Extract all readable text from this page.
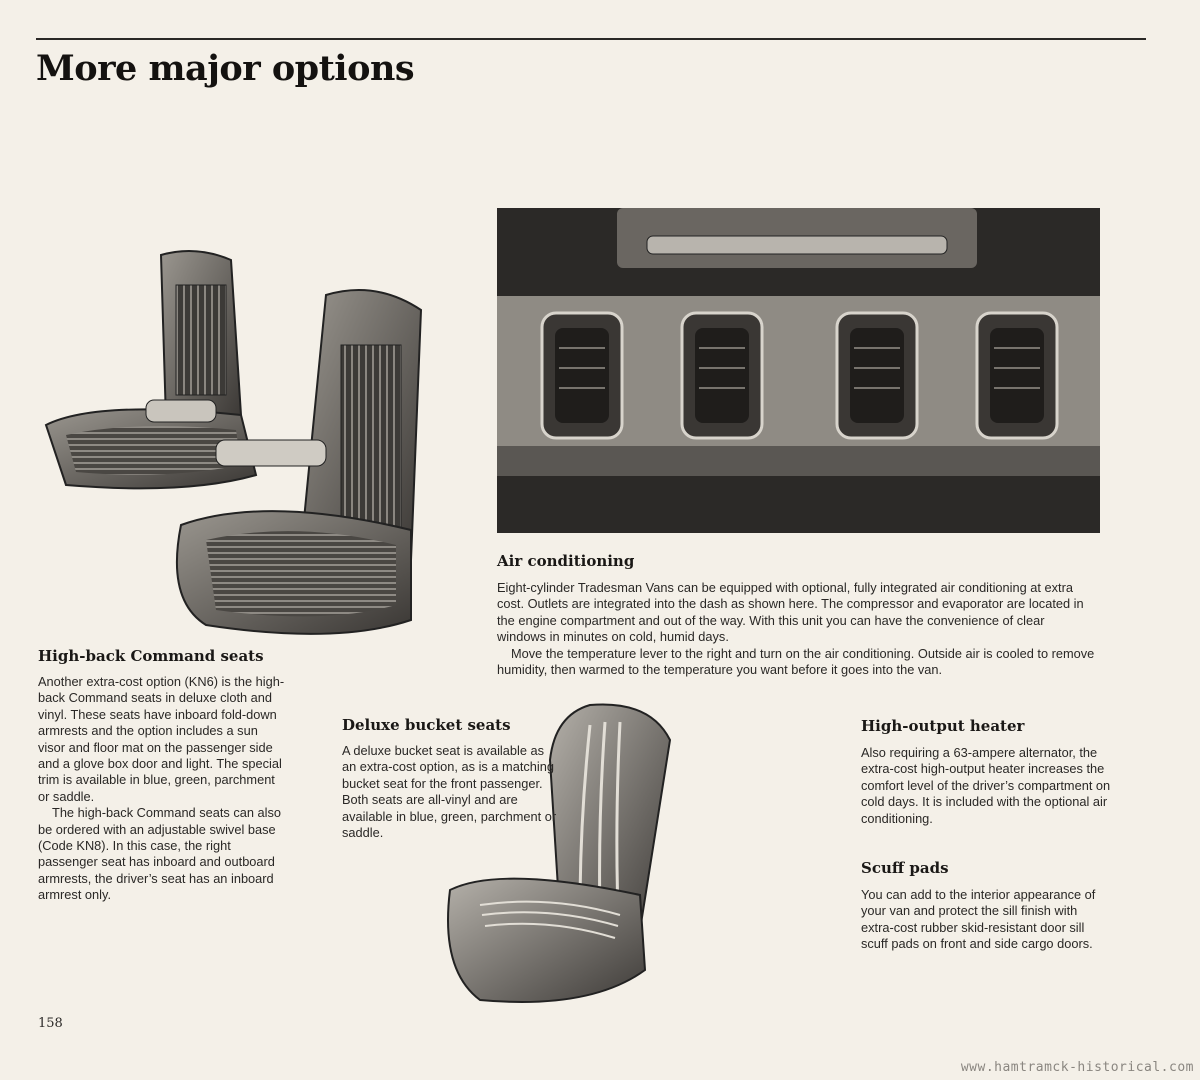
More major options
High-back Command seats

Another extra-cost option (KN6) is the high-back Command seats in deluxe cloth and vinyl. These seats have inboard fold-down armrests and the option includes a sun visor and floor mat on the passenger side and a glove box door and light. The special trim is available in blue, green, parchment or saddle.

The high-back Command seats can also be ordered with an adjustable swivel base (Code KN8). In this case, the right passenger seat has inboard and outboard armrests, the driver’s seat has an inboard armrest only.

Air conditioning

Eight-cylinder Tradesman Vans can be equipped with optional, fully integrated air conditioning at extra cost. Outlets are integrated into the dash as shown here. The compressor and evaporator are located in the engine compartment and out of the way. With this unit you can have the convenience of clear windows in minutes on cold, humid days.

Move the temperature lever to the right and turn on the air conditioning. Outside air is cooled to remove humidity, then warmed to the temperature you want before it goes into the van.

Deluxe bucket seats

A deluxe bucket seat is available as an extra-cost option, as is a matching bucket seat for the front passenger. Both seats are all-vinyl and are available in blue, green, parchment or saddle.

High-output heater

Also requiring a 63-ampere alternator, the extra-cost high-output heater increases the comfort level of the driver’s compartment on cold days. It is included with the optional air conditioning.

Scuff pads

You can add to the interior appearance of your van and protect the sill finish with extra-cost rubber skid-resistant door sill scuff pads on front and side cargo doors.

158
www.hamtramck-historical.com
